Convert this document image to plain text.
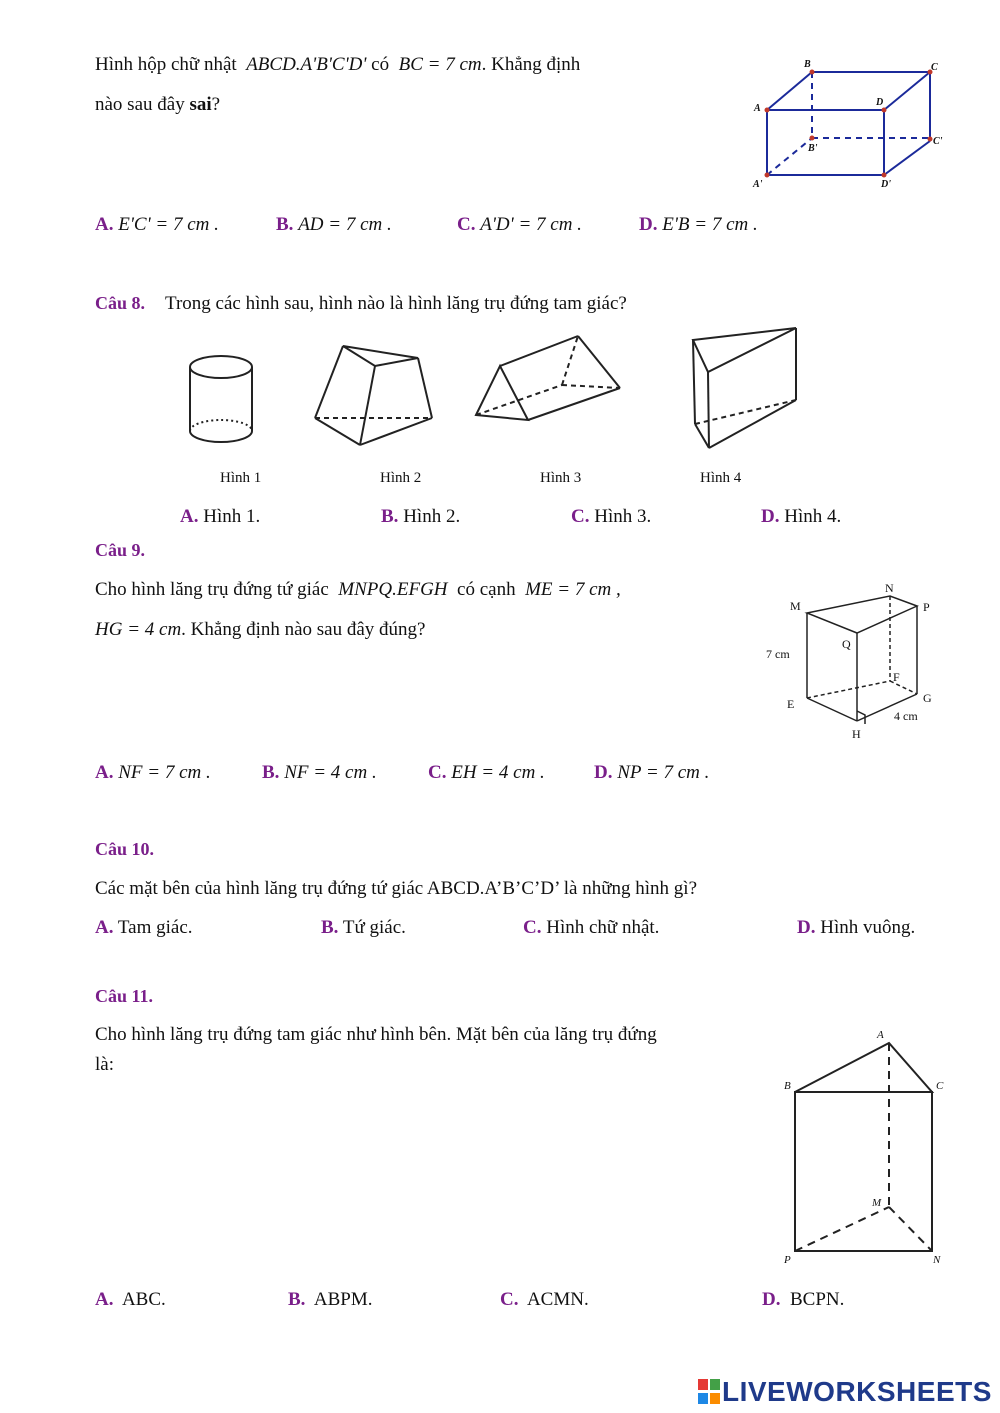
Hình hộp chữ nhật ABCD.A'B'C'D' có BC = 7 cm. Khẳng định
nào sau đây sai?
B	C
A
D
B'
C'
A'	D'
A. E'C' = 7 cm .	B. AD = 7 cm .	C. A'D' = 7 cm .	D. E'B = 7 cm .
Câu 8. Trong các hình sau, hình nào là hình lăng trụ đứng tam giác?
Hình 1	Hình 2	Hình 3	Hình 4
A. Hình 1.	B. Hình 2.	C. Hình 3.	D. Hình 4.
Câu 9.
Cho hình lăng trụ đứng tứ giác MNPQ.EFGH có cạnh ME = 7 cm ,
HG = 4 cm. Khẳng định nào sau đây đúng?
M
N
P
Q
E
F
G
H
7 cm
4 cm
A. NF = 7 cm .	B. NF = 4 cm .	C. EH = 4 cm .	D. NP = 7 cm .
Câu 10.
Các mặt bên của hình lăng trụ đứng tứ giác ABCD.A’B’C’D’ là những hình gì?
A. Tam giác.	B. Tứ giác.	C. Hình chữ nhật.	D. Hình vuông.
Câu 11.
Cho hình lăng trụ đứng tam giác như hình bên. Mặt bên của lăng trụ đứng
là:
A
B	C
M
P	N
A. ABC.	B. ABPM.	C. ACMN.	D. BCPN.
LIVEWORKSHEETS
